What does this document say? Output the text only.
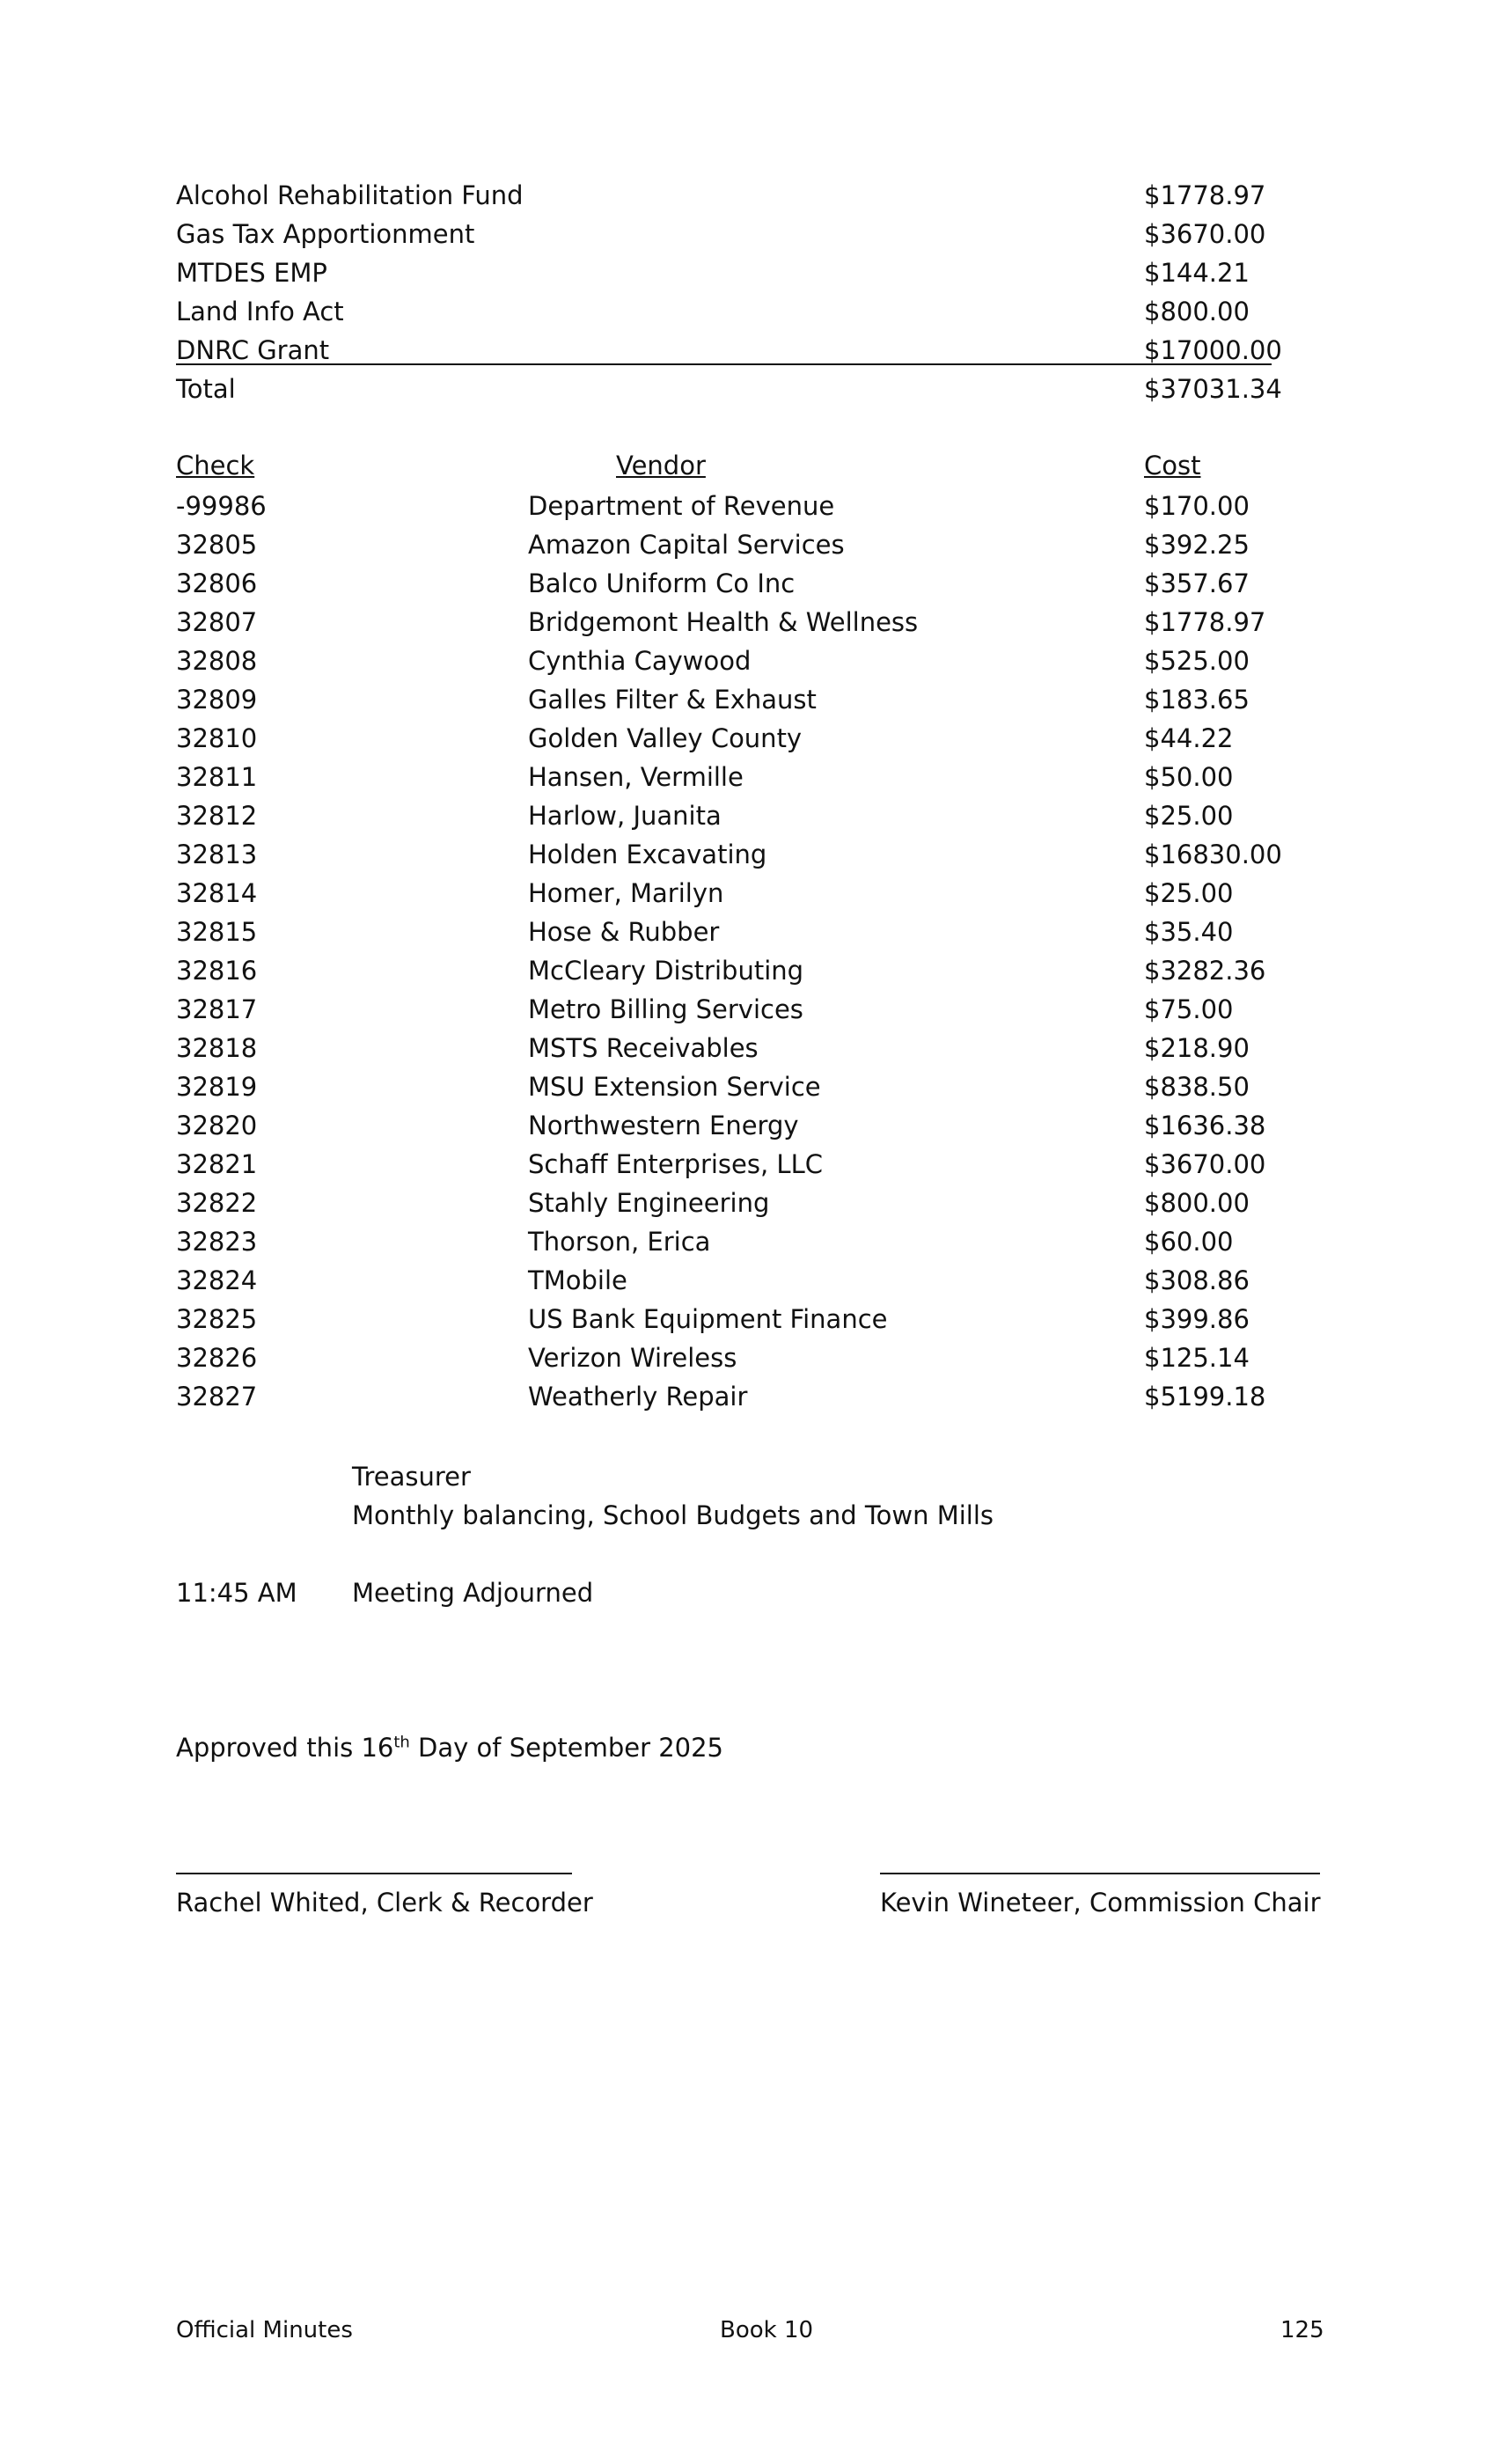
Alcohol Rehabilitation Fund	$1778.97
Gas Tax Apportionment	$3670.00
MTDES EMP	$144.21
Land Info Act	$800.00
DNRC Grant	$17000.00
Total	$37031.34
Check	Vendor	Cost
-99986	Department of Revenue	$170.00
32805	Amazon Capital Services	$392.25
32806	Balco Uniform Co Inc	$357.67
32807	Bridgemont Health & Wellness	$1778.97
32808	Cynthia Caywood	$525.00
32809	Galles Filter & Exhaust	$183.65
32810	Golden Valley County	$44.22
32811	Hansen, Vermille	$50.00
32812	Harlow, Juanita	$25.00
32813	Holden Excavating	$16830.00
32814	Homer, Marilyn	$25.00
32815	Hose & Rubber	$35.40
32816	McCleary Distributing	$3282.36
32817	Metro Billing Services	$75.00
32818	MSTS Receivables	$218.90
32819	MSU Extension Service	$838.50
32820	Northwestern Energy	$1636.38
32821	Schaff Enterprises, LLC	$3670.00
32822	Stahly Engineering	$800.00
32823	Thorson, Erica	$60.00
32824	TMobile	$308.86
32825	US Bank Equipment Finance	$399.86
32826	Verizon Wireless	$125.14
32827	Weatherly Repair	$5199.18
Treasurer
Monthly balancing, School Budgets and Town Mills
11:45 AM Meeting Adjourned
Approved this 16th Day of September 2025
Rachel Whited, Clerk & Recorder	Kevin Wineteer, Commission Chair
Official Minutes	Book 10	125
